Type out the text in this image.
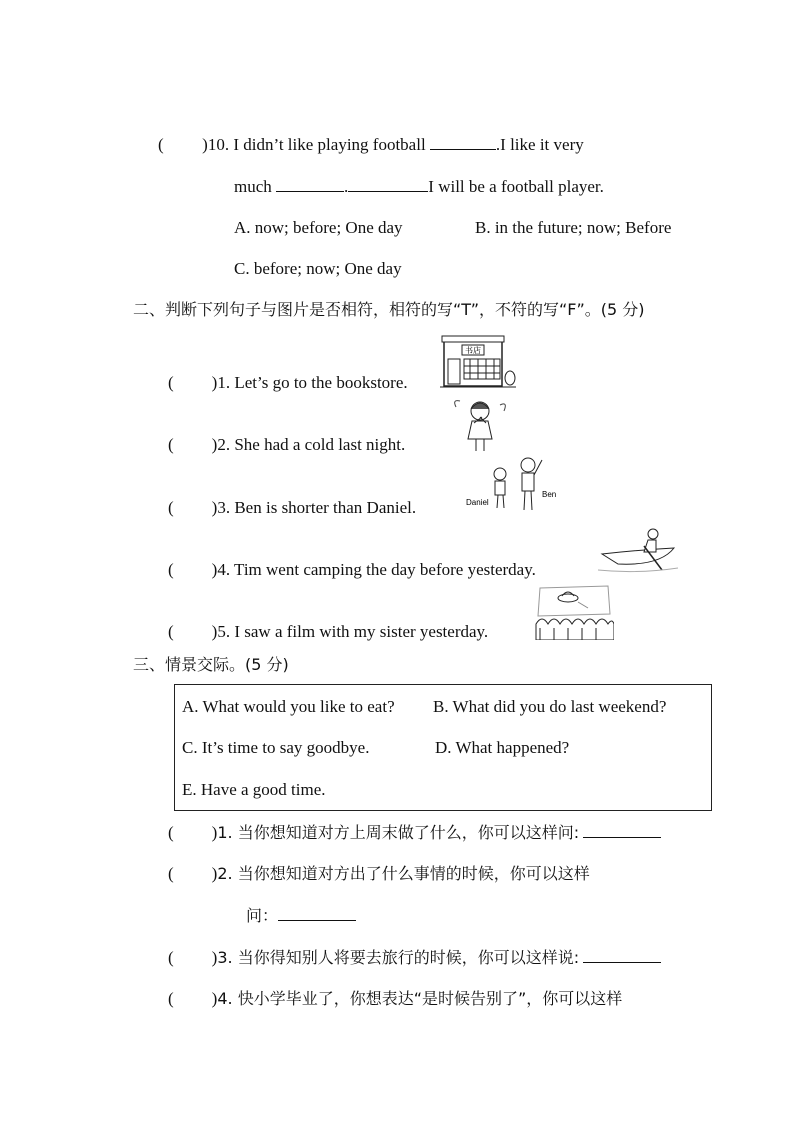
( )10. I didn’t like playing football	.I like it very
much	.	I will be a football player.
A. now; before; One day	B. in the future; now; Before
C. before; now; One day
二、判断下列句子与图片是否相符，相符的写“T”，不符的写“F”。(5 分)
( )1. Let’s go to the bookstore.
( )2. She had a cold last night.
( )3. Ben is shorter than Daniel.
( )4. Tim went camping the day before yesterday.
( )5. I saw a film with my sister yesterday.
书店
Daniel
Ben
三、情景交际。(5 分)
A. What would you like to eat? B. What did you do last weekend?
C. It’s time to say goodbye.	D. What happened?
E. Have a good time.
( )1. 当你想知道对方上周末做了什么，你可以这样问:
( )2. 当你想知道对方出了什么事情的时候，你可以这样
问：
( )3. 当你得知别人将要去旅行的时候，你可以这样说:
( )4. 快小学毕业了，你想表达“是时候告别了”，你可以这样
